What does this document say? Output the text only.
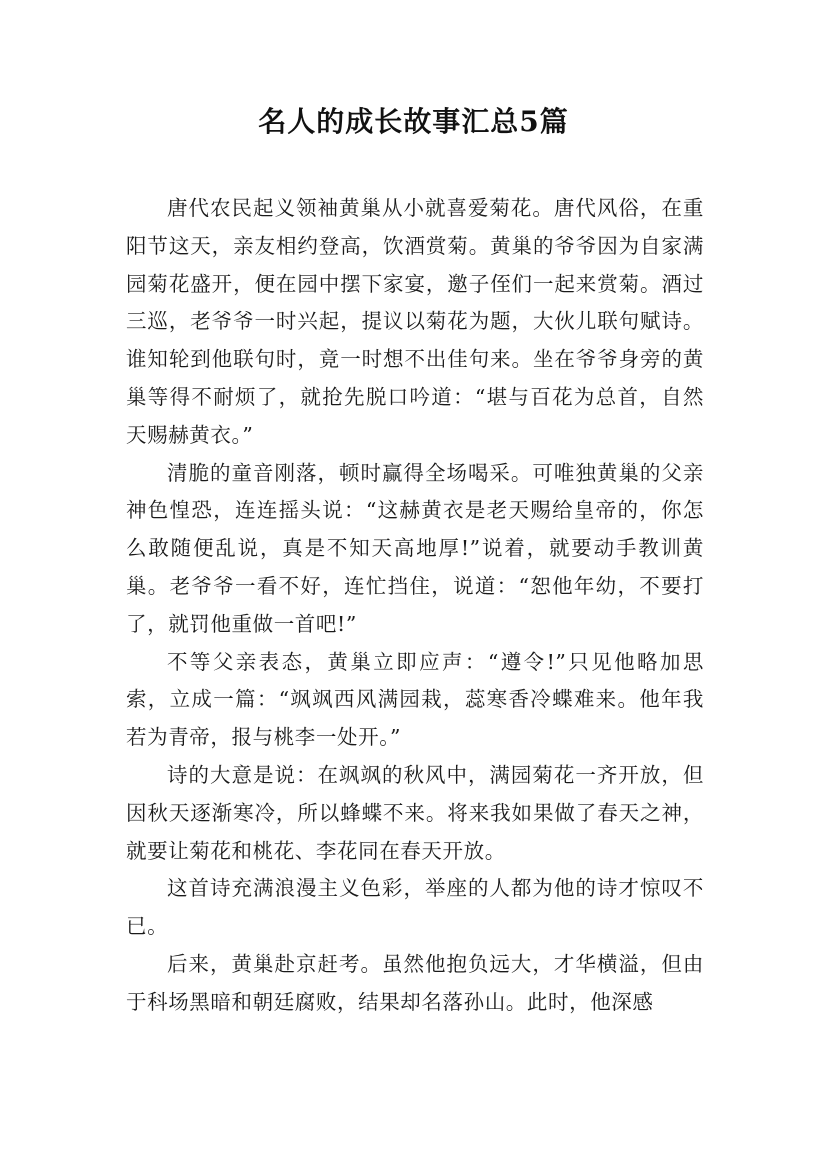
名人的成长故事汇总5篇

唐代农民起义领袖黄巢从小就喜爱菊花。唐代风俗，在重阳节这天，亲友相约登高，饮酒赏菊。黄巢的爷爷因为自家满园菊花盛开，便在园中摆下家宴，邀子侄们一起来赏菊。酒过三巡，老爷爷一时兴起，提议以菊花为题，大伙儿联句赋诗。谁知轮到他联句时，竟一时想不出佳句来。坐在爷爷身旁的黄巢等得不耐烦了，就抢先脱口吟道：“堪与百花为总首，自然天赐赫黄衣。”

清脆的童音刚落，顿时赢得全场喝采。可唯独黄巢的父亲神色惶恐，连连摇头说：“这赫黄衣是老天赐给皇帝的，你怎么敢随便乱说，真是不知天高地厚!”说着，就要动手教训黄巢。老爷爷一看不好，连忙挡住，说道：“恕他年幼，不要打了，就罚他重做一首吧!”

不等父亲表态，黄巢立即应声：“遵令!”只见他略加思索，立成一篇：“飒飒西风满园栽，蕊寒香冷蝶难来。他年我若为青帝，报与桃李一处开。”

诗的大意是说：在飒飒的秋风中，满园菊花一齐开放，但因秋天逐渐寒冷，所以蜂蝶不来。将来我如果做了春天之神，就要让菊花和桃花、李花同在春天开放。

这首诗充满浪漫主义色彩，举座的人都为他的诗才惊叹不已。

后来，黄巢赴京赶考。虽然他抱负远大，才华横溢，但由于科场黑暗和朝廷腐败，结果却名落孙山。此时，他深感
